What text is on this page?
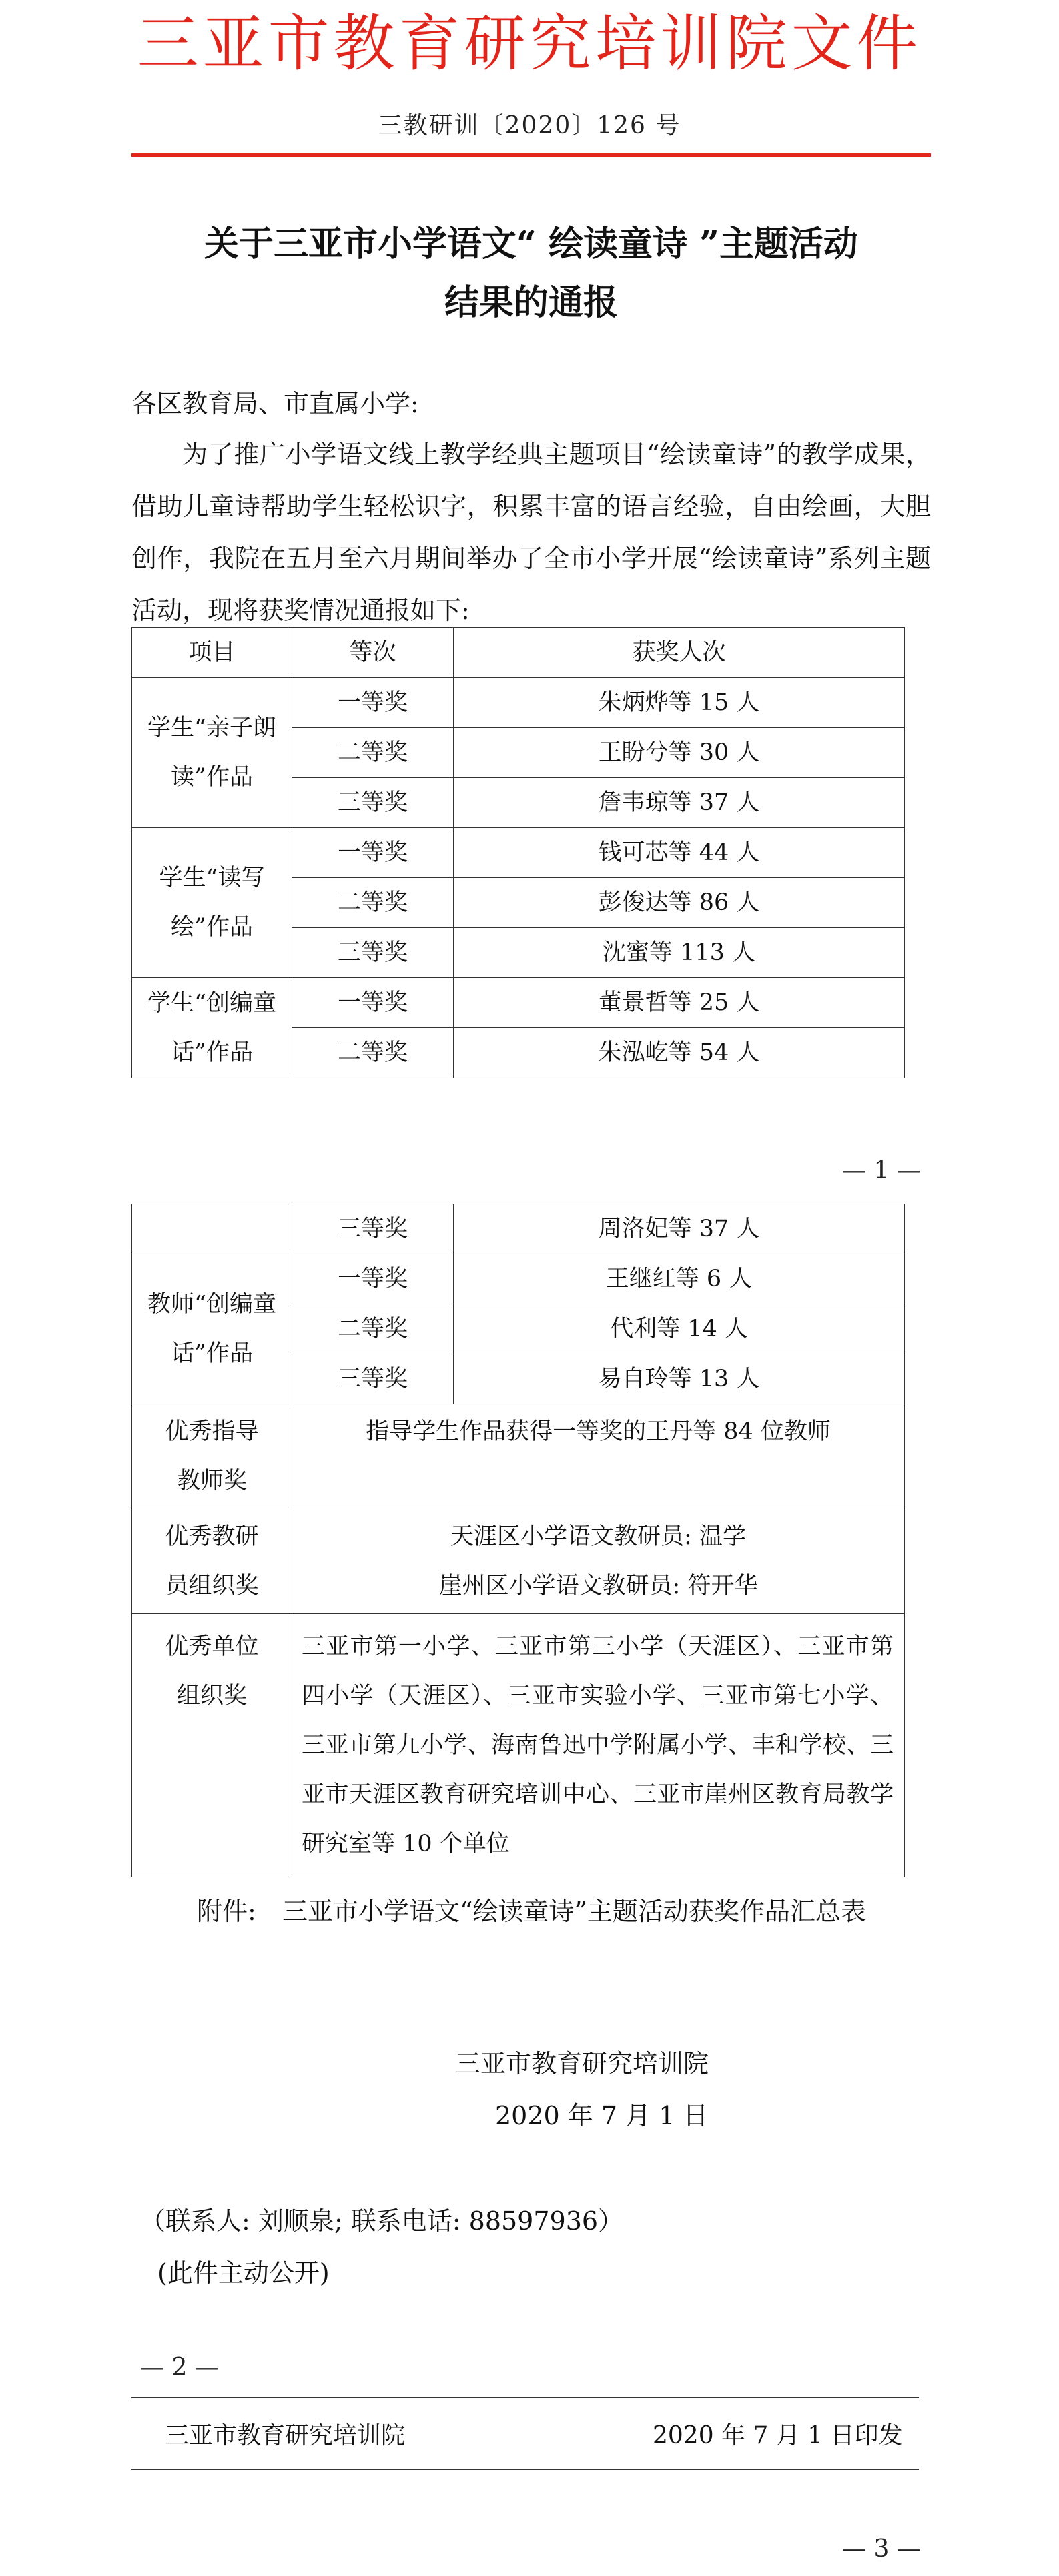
三亚市教育研究培训院文件
三教研训〔2020〕126 号
关于三亚市小学语文“ 绘读童诗 ”主题活动
结果的通报
各区教育局、市直属小学:
为了推广小学语文线上教学经典主题项目“绘读童诗”的教学成果，借助儿童诗帮助学生轻松识字，积累丰富的语言经验，自由绘画，大胆创作，我院在五月至六月期间举办了全市小学开展“绘读童诗”系列主题活动，现将获奖情况通报如下:
项目	等次	获奖人次
学生“亲子朗读”作品	一等奖	朱炳烨等 15 人
	二等奖	王盼兮等 30 人
	三等奖	詹韦琼等 37 人
学生“读写绘”作品	一等奖	钱可芯等 44 人
	二等奖	彭俊达等 86 人
	三等奖	沈蜜等 113 人
学生“创编童话”作品	一等奖	董景哲等 25 人
	二等奖	朱泓屹等 54 人
— 1 —
	三等奖	周洛妃等 37 人
教师“创编童话”作品	一等奖	王继红等 6 人
	二等奖	代利等 14 人
	三等奖	易自玲等 13 人
优秀指导教师奖	指导学生作品获得一等奖的王丹等 84 位教师	
优秀教研员组织奖	天涯区小学语文教研员: 温学
崖州区小学语文教研员: 符开华	

优秀单位组织奖	三亚市第一小学、三亚市第三小学（天涯区）、三亚市第四小学（天涯区）、三亚市实验小学、三亚市第七小学、三亚市第九小学、海南鲁迅中学附属小学、丰和学校、三亚市天涯区教育研究培训中心、三亚市崖州区教育局教学研究室等 10 个单位	
附件: 三亚市小学语文“绘读童诗”主题活动获奖作品汇总表
三亚市教育研究培训院
2020 年 7 月 1 日
（联系人: 刘顺泉; 联系电话: 88597936）
(此件主动公开)
— 2 —
三亚市教育研究培训院	2020 年 7 月 1 日印发
— 3 —
